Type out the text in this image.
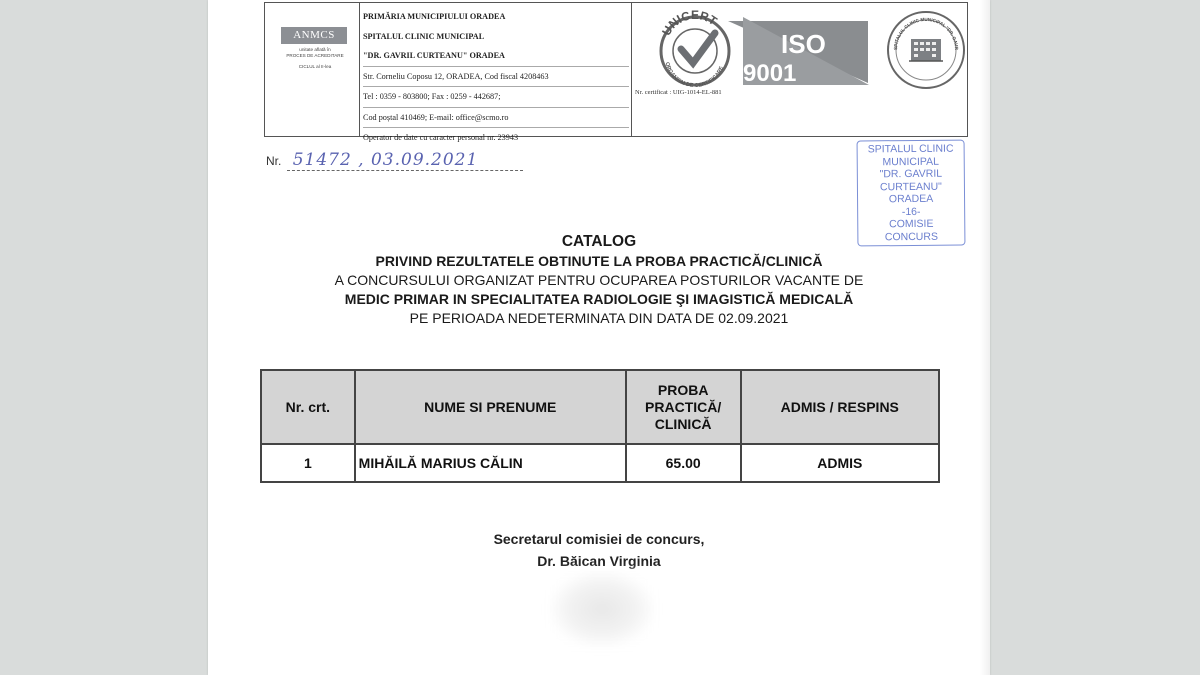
ANMCS
unitate aflată în
PROCES DE ACREDITARE
CICLUL al II-lea
PRIMĂRIA MUNICIPIULUI ORADEA
SPITALUL CLINIC MUNICIPAL
"DR. GAVRIL CURTEANU" ORADEA
Str. Corneliu Coposu 12, ORADEA, Cod fiscal 4208463
Tel : 0359 - 803800; Fax : 0259 - 442687;
Cod poștal 410469; E-mail: office@scmo.ro
Operator de date cu caracter personal nr. 23943
UNICERT
ORGANISM DE CERTIFICARE
ISO
9001
Nr. certificat : UIG-1014-EL-881
SPITALUL CLINIC MUNICIPAL "DR. GAVR
Nr. 51472 , 03.09.2021
SPITALUL CLINIC
MUNICIPAL
"DR. GAVRIL
CURTEANU"
ORADEA
-16-
COMISIE
CONCURS
CATALOG
PRIVIND REZULTATELE OBTINUTE LA PROBA PRACTICĂ/CLINICĂ
A CONCURSULUI ORGANIZAT PENTRU OCUPAREA POSTURILOR VACANTE DE
MEDIC PRIMAR IN SPECIALITATEA RADIOLOGIE ŞI IMAGISTICĂ MEDICALĂ
PE PERIOADA NEDETERMINATA DIN DATA DE 02.09.2021
Nr. crt.	NUME SI PRENUME	PROBA
PRACTICĂ/
CLINICĂ	ADMIS / RESPINS
1	MIHĂILĂ MARIUS CĂLIN	65.00	ADMIS
Secretarul comisiei de concurs,
Dr. Băican Virginia
